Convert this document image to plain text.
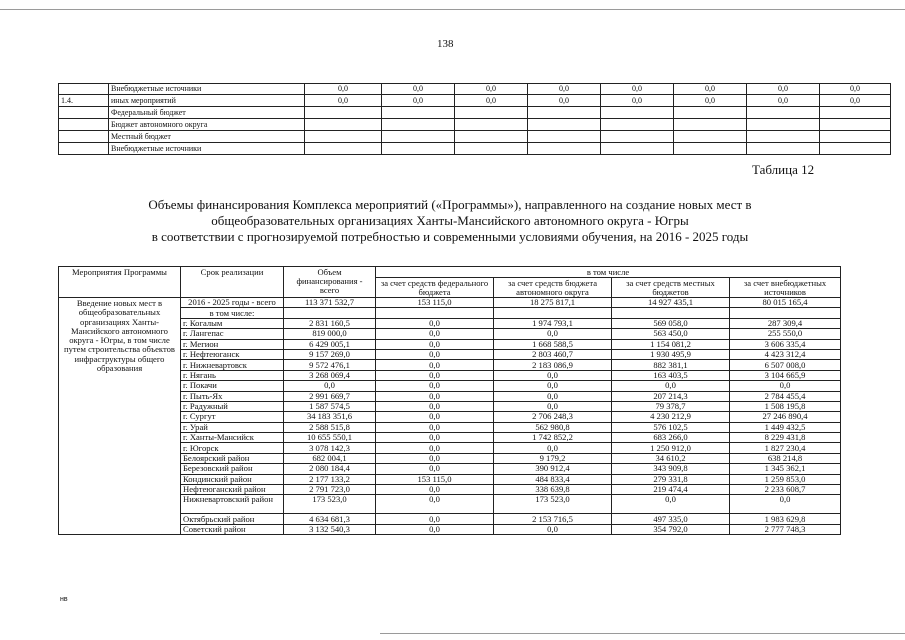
138
	Внебюджетные источники	0,0	0,0	0,0	0,0	0,0	0,0	0,0	0,0
1.4.	иных мероприятий	0,0	0,0	0,0	0,0	0,0	0,0	0,0	0,0
	Федеральный бюджет								
	Бюджет автономного округа								
	Местный бюджет								
	Внебюджетные источники								
Таблица 12
Объемы финансирования Комплекса мероприятий («Программы»), направленного на создание новых мест в
общеобразовательных организациях Ханты-Мансийского автономного округа - Югры
в соответствии с прогнозируемой потребностью и современными условиями обучения, на 2016 - 2025 годы
Мероприятия Программы	Срок реализации	Объем финансирования - всего	в том числе			
			за счет средств федерального бюджета	за счет средств бюджета автономного округа	за счет средств местных бюджетов	за счет внебюджетных источников
Введение новых мест в общеобразовательных организациях Ханты-Мансийского автономного округа - Югры, в том числе путем строительства объектов инфраструктуры общего образования	2016 - 2025 годы - всего	113 371 532,7	153 115,0	18 275 817,1	14 927 435,1	80 015 165,4
	в том числе:					
	г. Когалым	2 831 160,5	0,0	1 974 793,1	569 058,0	287 309,4
	г. Лангепас	819 000,0	0,0	0,0	563 450,0	255 550,0
	г. Мегион	6 429 005,1	0,0	1 668 588,5	1 154 081,2	3 606 335,4
	г. Нефтеюганск	9 157 269,0	0,0	2 803 460,7	1 930 495,9	4 423 312,4
	г. Нижневартовск	9 572 476,1	0,0	2 183 086,9	882 381,1	6 507 008,0
	г. Нягань	3 268 069,4	0,0	0,0	163 403,5	3 104 665,9
	г. Покачи	0,0	0,0	0,0	0,0	0,0
	г. Пыть-Ях	2 991 669,7	0,0	0,0	207 214,3	2 784 455,4
	г. Радужный	1 587 574,5	0,0	0,0	79 378,7	1 508 195,8
	г. Сургут	34 183 351,6	0,0	2 706 248,3	4 230 212,9	27 246 890,4
	г. Урай	2 588 515,8	0,0	562 980,8	576 102,5	1 449 432,5
	г. Ханты-Мансийск	10 655 550,1	0,0	1 742 852,2	683 266,0	8 229 431,8
	г. Югорск	3 078 142,3	0,0	0,0	1 250 912,0	1 827 230,4
	Белоярский район	682 004,1	0,0	9 179,2	34 610,2	638 214,8
	Березовский район	2 080 184,4	0,0	390 912,4	343 909,8	1 345 362,1
	Кондинский район	2 177 133,2	153 115,0	484 833,4	279 331,8	1 259 853,0
	Нефтеюганский район	2 791 723,0	0,0	338 639,8	219 474,4	2 233 608,7
	Нижневартовский район	173 523,0	0,0	173 523,0	0,0	0,0
	Октябрьский район	4 634 681,3	0,0	2 153 716,5	497 335,0	1 983 629,8
	Советский район	3 132 540,3	0,0	0,0	354 792,0	2 777 748,3
нв
